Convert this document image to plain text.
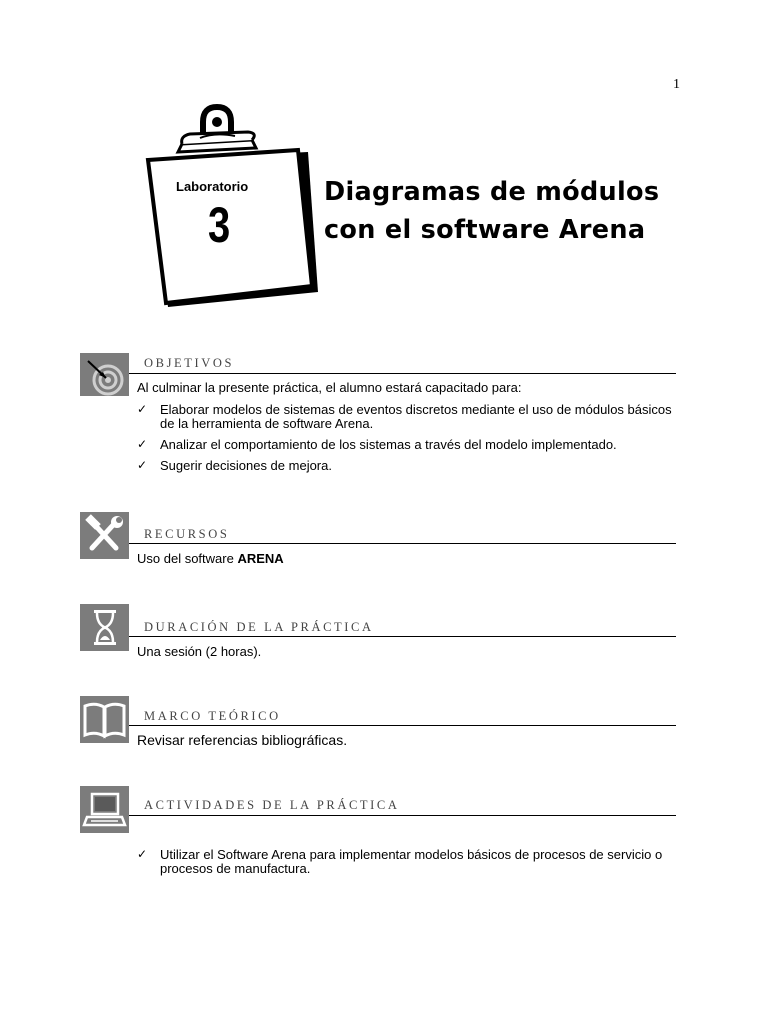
1
Laboratorio
3
Diagramas de módulos
con el software Arena
OBJETIVOS
Al culminar la presente práctica, el alumno estará capacitado para:
✓ Elaborar modelos de sistemas de eventos discretos mediante el uso de módulos básicos de la herramienta de software Arena.
✓ Analizar el comportamiento de los sistemas a través del modelo implementado.
✓ Sugerir decisiones de mejora.
RECURSOS
Uso del software ARENA
DURACIÓN DE LA PRÁCTICA
Una sesión (2 horas).
MARCO TEÓRICO
Revisar referencias bibliográficas.
ACTIVIDADES DE LA PRÁCTICA
✓ Utilizar el Software Arena para implementar modelos básicos de procesos de servicio o procesos de manufactura.
